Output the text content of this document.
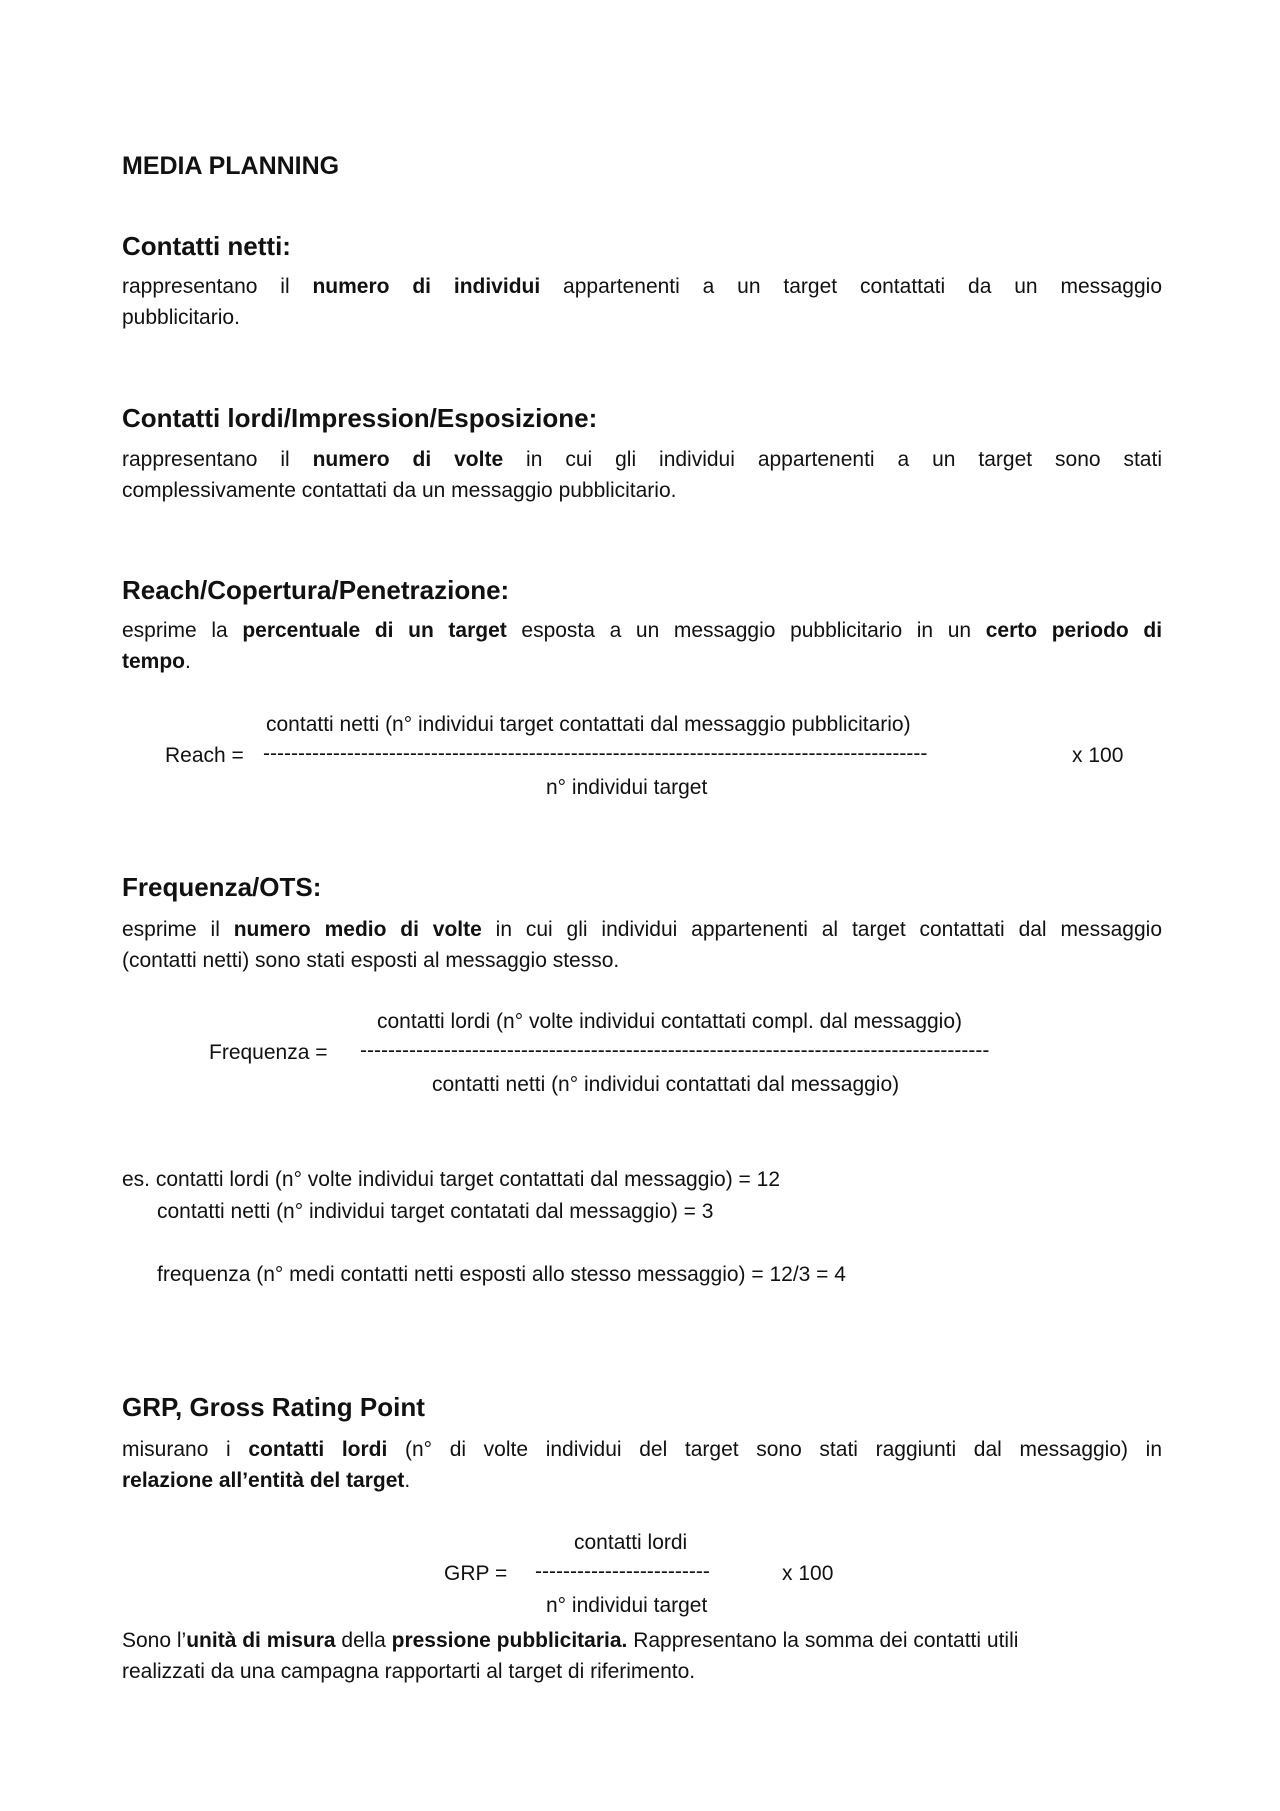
MEDIA PLANNING
Contatti netti:
rappresentano il numero di individui appartenenti a un target contattati da un messaggio
pubblicitario.
Contatti lordi/Impression/Esposizione:
rappresentano il numero di volte in cui gli individui appartenenti a un target sono stati
complessivamente contattati da un messaggio pubblicitario.
Reach/Copertura/Penetrazione:
esprime la percentuale di un target esposta a un messaggio pubblicitario in un certo periodo di
tempo.
contatti netti (n° individui target contattati dal messaggio pubblicitario)
Reach = -----------------------------------------------------------------------------------------------	x 100
n° individui target
Frequenza/OTS:
esprime il numero medio di volte in cui gli individui appartenenti al target contattati dal messaggio
(contatti netti) sono stati esposti al messaggio stesso.
contatti lordi (n° volte individui contattati compl. dal messaggio)
Frequenza = ------------------------------------------------------------------------------------------
contatti netti (n° individui contattati dal messaggio)
es. contatti lordi (n° volte individui target contattati dal messaggio) = 12
contatti netti (n° individui target contatati dal messaggio) = 3
frequenza (n° medi contatti netti esposti allo stesso messaggio) = 12/3 = 4
GRP, Gross Rating Point
misurano i contatti lordi (n° di volte individui del target sono stati raggiunti dal messaggio) in
relazione all’entità del target.
contatti lordi
GRP = -------------------------	x 100
n° individui target
Sono l’unità di misura della pressione pubblicitaria. Rappresentano la somma dei contatti utili
realizzati da una campagna rapportarti al target di riferimento.
